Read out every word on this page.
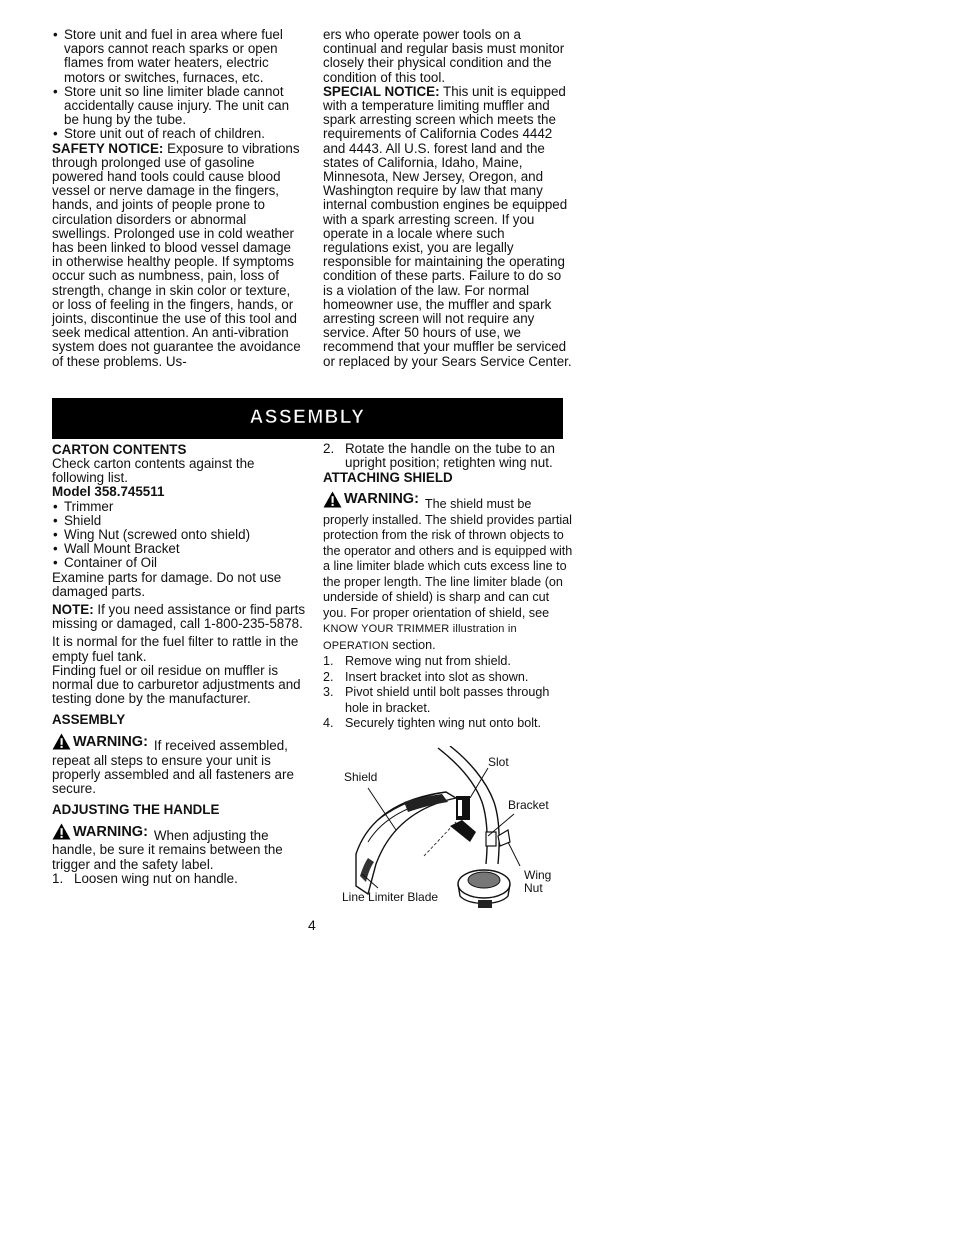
• Store unit and fuel in area where fuel vapors cannot reach sparks or open flames from water heaters, electric motors or switches, furnaces, etc.
• Store unit so line limiter blade cannot accidentally cause injury. The unit can be hung by the tube.
• Store unit out of reach of children.

SAFETY NOTICE: Exposure to vibrations through prolonged use of gasoline powered hand tools could cause blood vessel or nerve damage in the fingers, hands, and joints of people prone to circulation disorders or abnormal swellings. Prolonged use in cold weather has been linked to blood vessel damage in otherwise healthy people. If symptoms occur such as numbness, pain, loss of strength, change in skin color or texture, or loss of feeling in the fingers, hands, or joints, discontinue the use of this tool and seek medical attention. An anti-vibration system does not guarantee the avoidance of these problems. Us-

ers who operate power tools on a continual and regular basis must monitor closely their physical condition and the condition of this tool.

SPECIAL NOTICE: This unit is equipped with a temperature limiting muffler and spark arresting screen which meets the requirements of California Codes 4442 and 4443. All U.S. forest land and the states of California, Idaho, Maine, Minnesota, New Jersey, Oregon, and Washington require by law that many internal combustion engines be equipped with a spark arresting screen. If you operate in a locale where such regulations exist, you are legally responsible for maintaining the operating condition of these parts. Failure to do so is a violation of the law. For normal homeowner use, the muffler and spark arresting screen will not require any service. After 50 hours of use, we recommend that your muffler be serviced or replaced by your Sears Service Center.

ASSEMBLY
CARTON CONTENTS

Check carton contents against the following list.

Model 358.745511

• Trimmer
• Shield
• Wing Nut (screwed onto shield)
• Wall Mount Bracket
• Container of Oil

Examine parts for damage. Do not use damaged parts.

NOTE: If you need assistance or find parts missing or damaged, call 1-800-235-5878.

It is normal for the fuel filter to rattle in the empty fuel tank.

Finding fuel or oil residue on muffler is normal due to carburetor adjustments and testing done by the manufacturer.

ASSEMBLY
WARNING: If received assembled, repeat all steps to ensure your unit is properly assembled and all fasteners are secure.
ADJUSTING THE HANDLE
WARNING: When adjusting the handle, be sure it remains between the trigger and the safety label.
1. Loosen wing nut on handle.
2. Rotate the handle on the tube to an upright position; retighten wing nut.
ATTACHING SHIELD
WARNING: The shield must be properly installed. The shield provides partial protection from the risk of thrown objects to the operator and others and is equipped with a line limiter blade which cuts excess line to the proper length. The line limiter blade (on underside of shield) is sharp and can cut you. For proper orientation of shield, see KNOW YOUR TRIMMER illustration in OPERATION section.
1. Remove wing nut from shield.
2. Insert bracket into slot as shown.
3. Pivot shield until bolt passes through hole in bracket.
4. Securely tighten wing nut onto bolt.
Shield
Slot
Bracket
Wing
Nut
Line Limiter Blade
4
